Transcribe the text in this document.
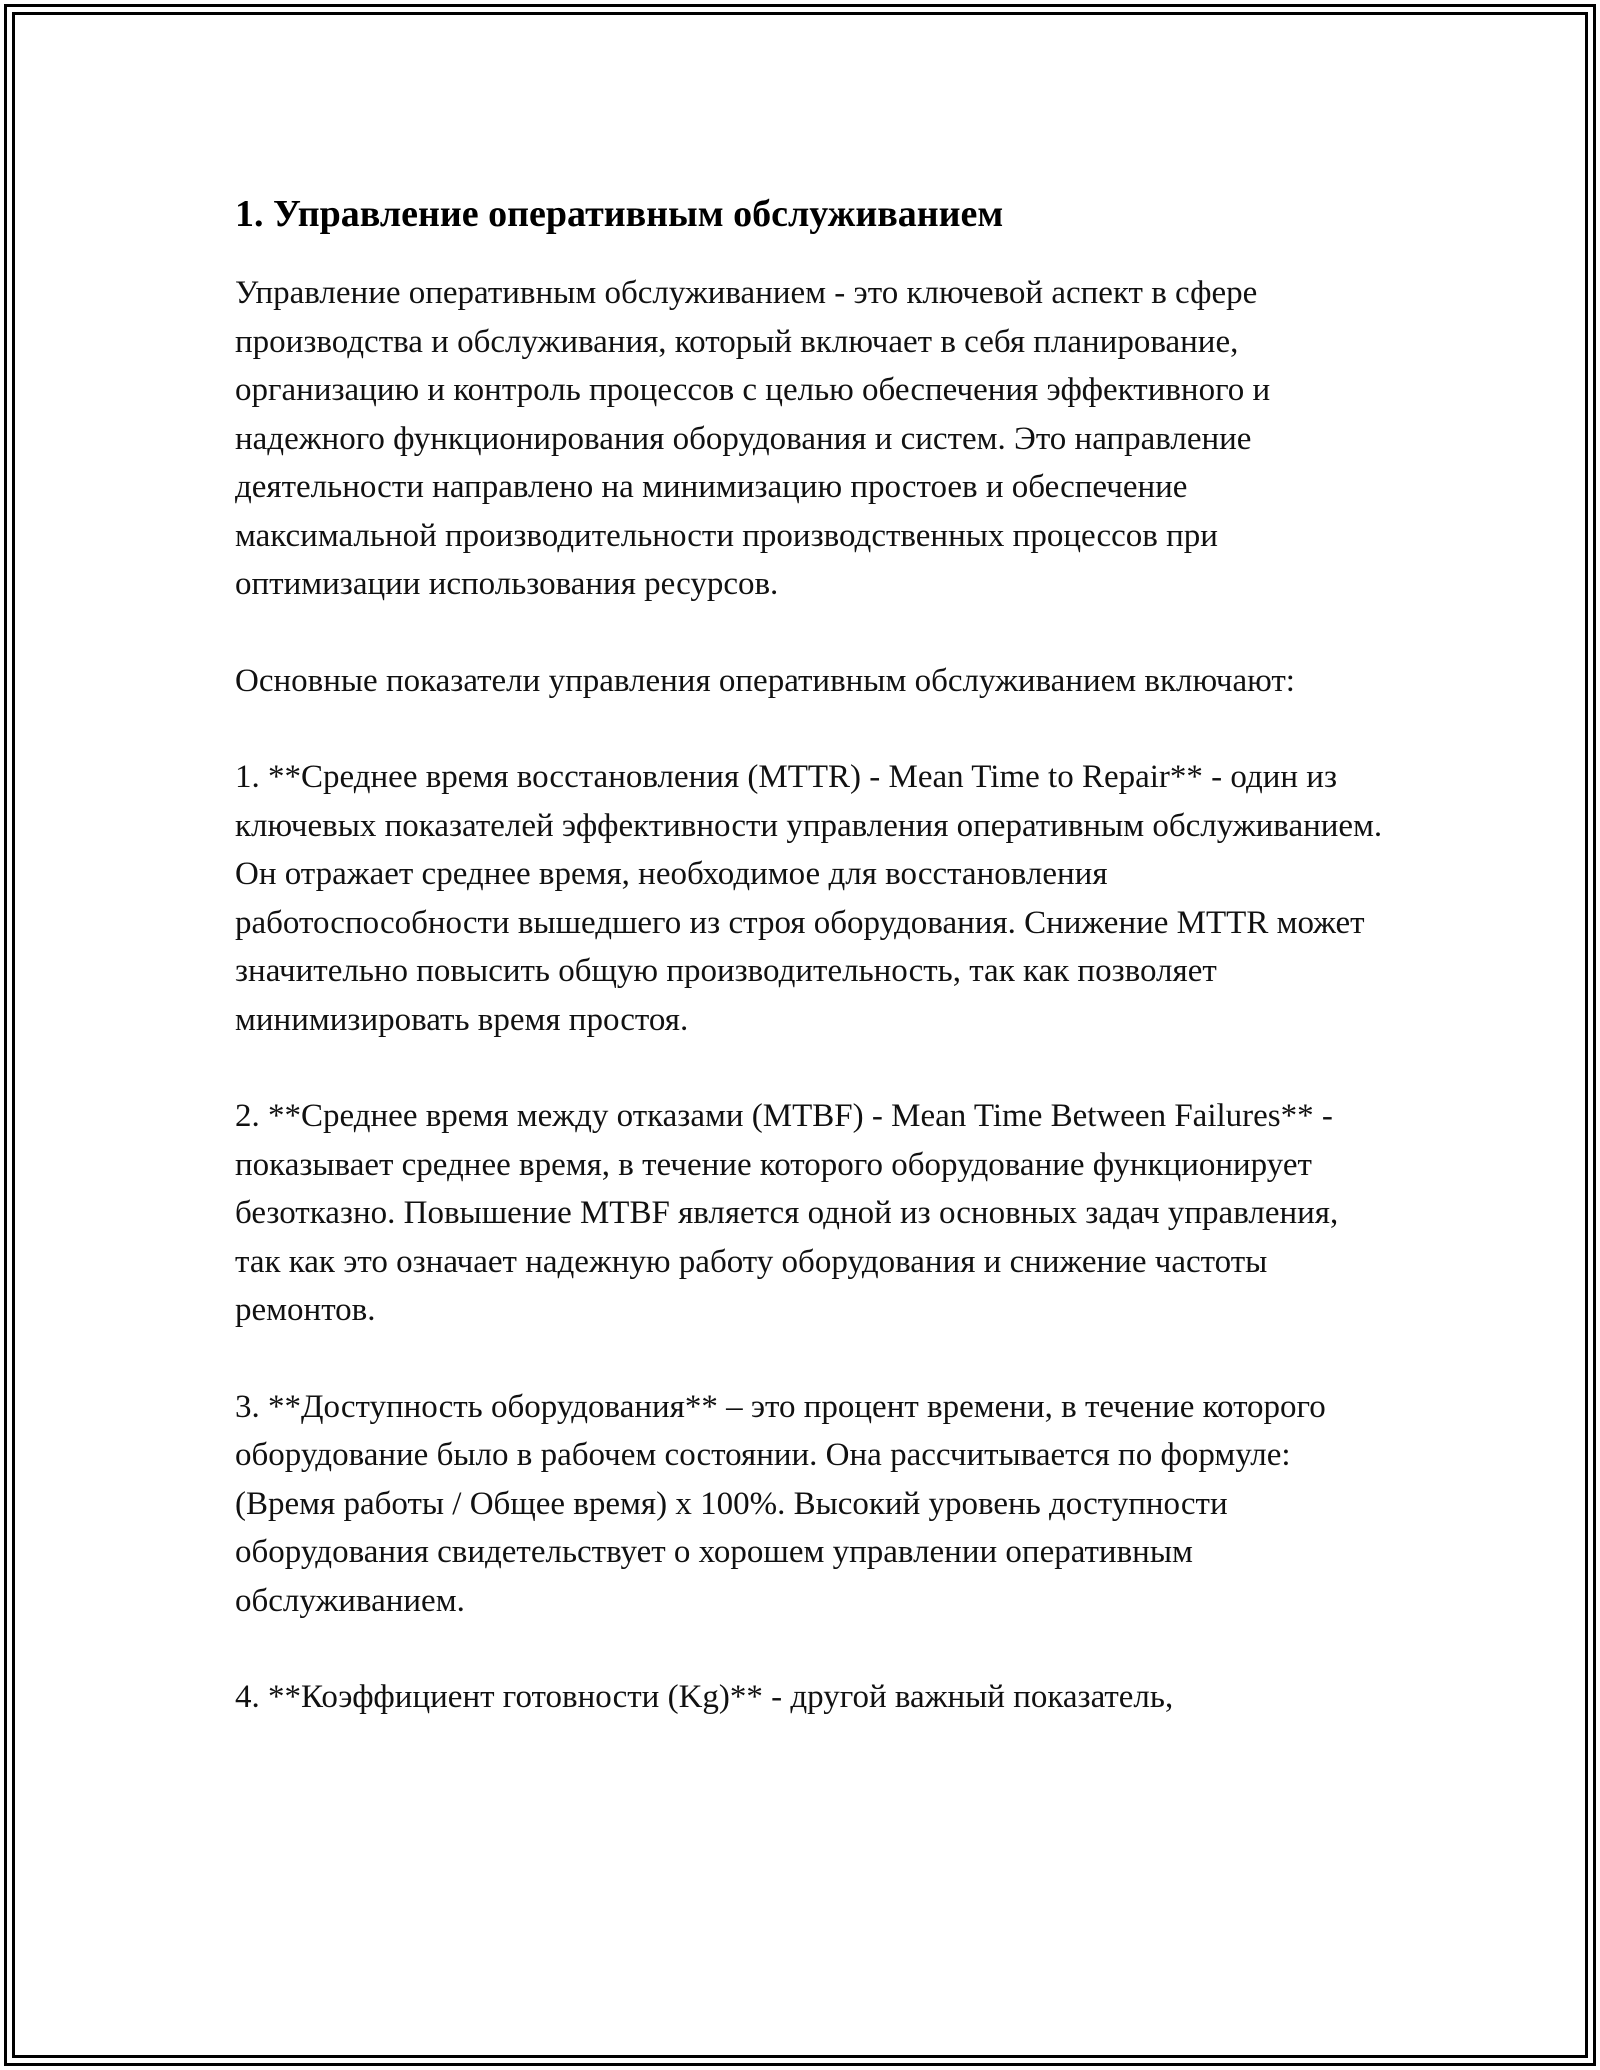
1. Управление оперативным обслуживанием

Управление оперативным обслуживанием - это ключевой аспект в сфере производства и обслуживания, который включает в себя планирование, организацию и контроль процессов с целью обеспечения эффективного и надежного функционирования оборудования и систем. Это направление деятельности направлено на минимизацию простоев и обеспечение максимальной производительности производственных процессов при оптимизации использования ресурсов.

Основные показатели управления оперативным обслуживанием включают:

1. **Среднее время восстановления (MTTR) - Mean Time to Repair** - один из ключевых показателей эффективности управления оперативным обслуживанием. Он отражает среднее время, необходимое для восстановления работоспособности вышедшего из строя оборудования. Снижение MTTR может значительно повысить общую производительность, так как позволяет минимизировать время простоя.

2. **Среднее время между отказами (MTBF) - Mean Time Between Failures** - показывает среднее время, в течение которого оборудование функционирует безотказно. Повышение MTBF является одной из основных задач управления, так как это означает надежную работу оборудования и снижение частоты ремонтов.

3. **Доступность оборудования** – это процент времени, в течение которого оборудование было в рабочем состоянии. Она рассчитывается по формуле: (Время работы / Общее время) x 100%. Высокий уровень доступности оборудования свидетельствует о хорошем управлении оперативным обслуживанием.

4. **Коэффициент готовности (Kg)** - другой важный показатель,
